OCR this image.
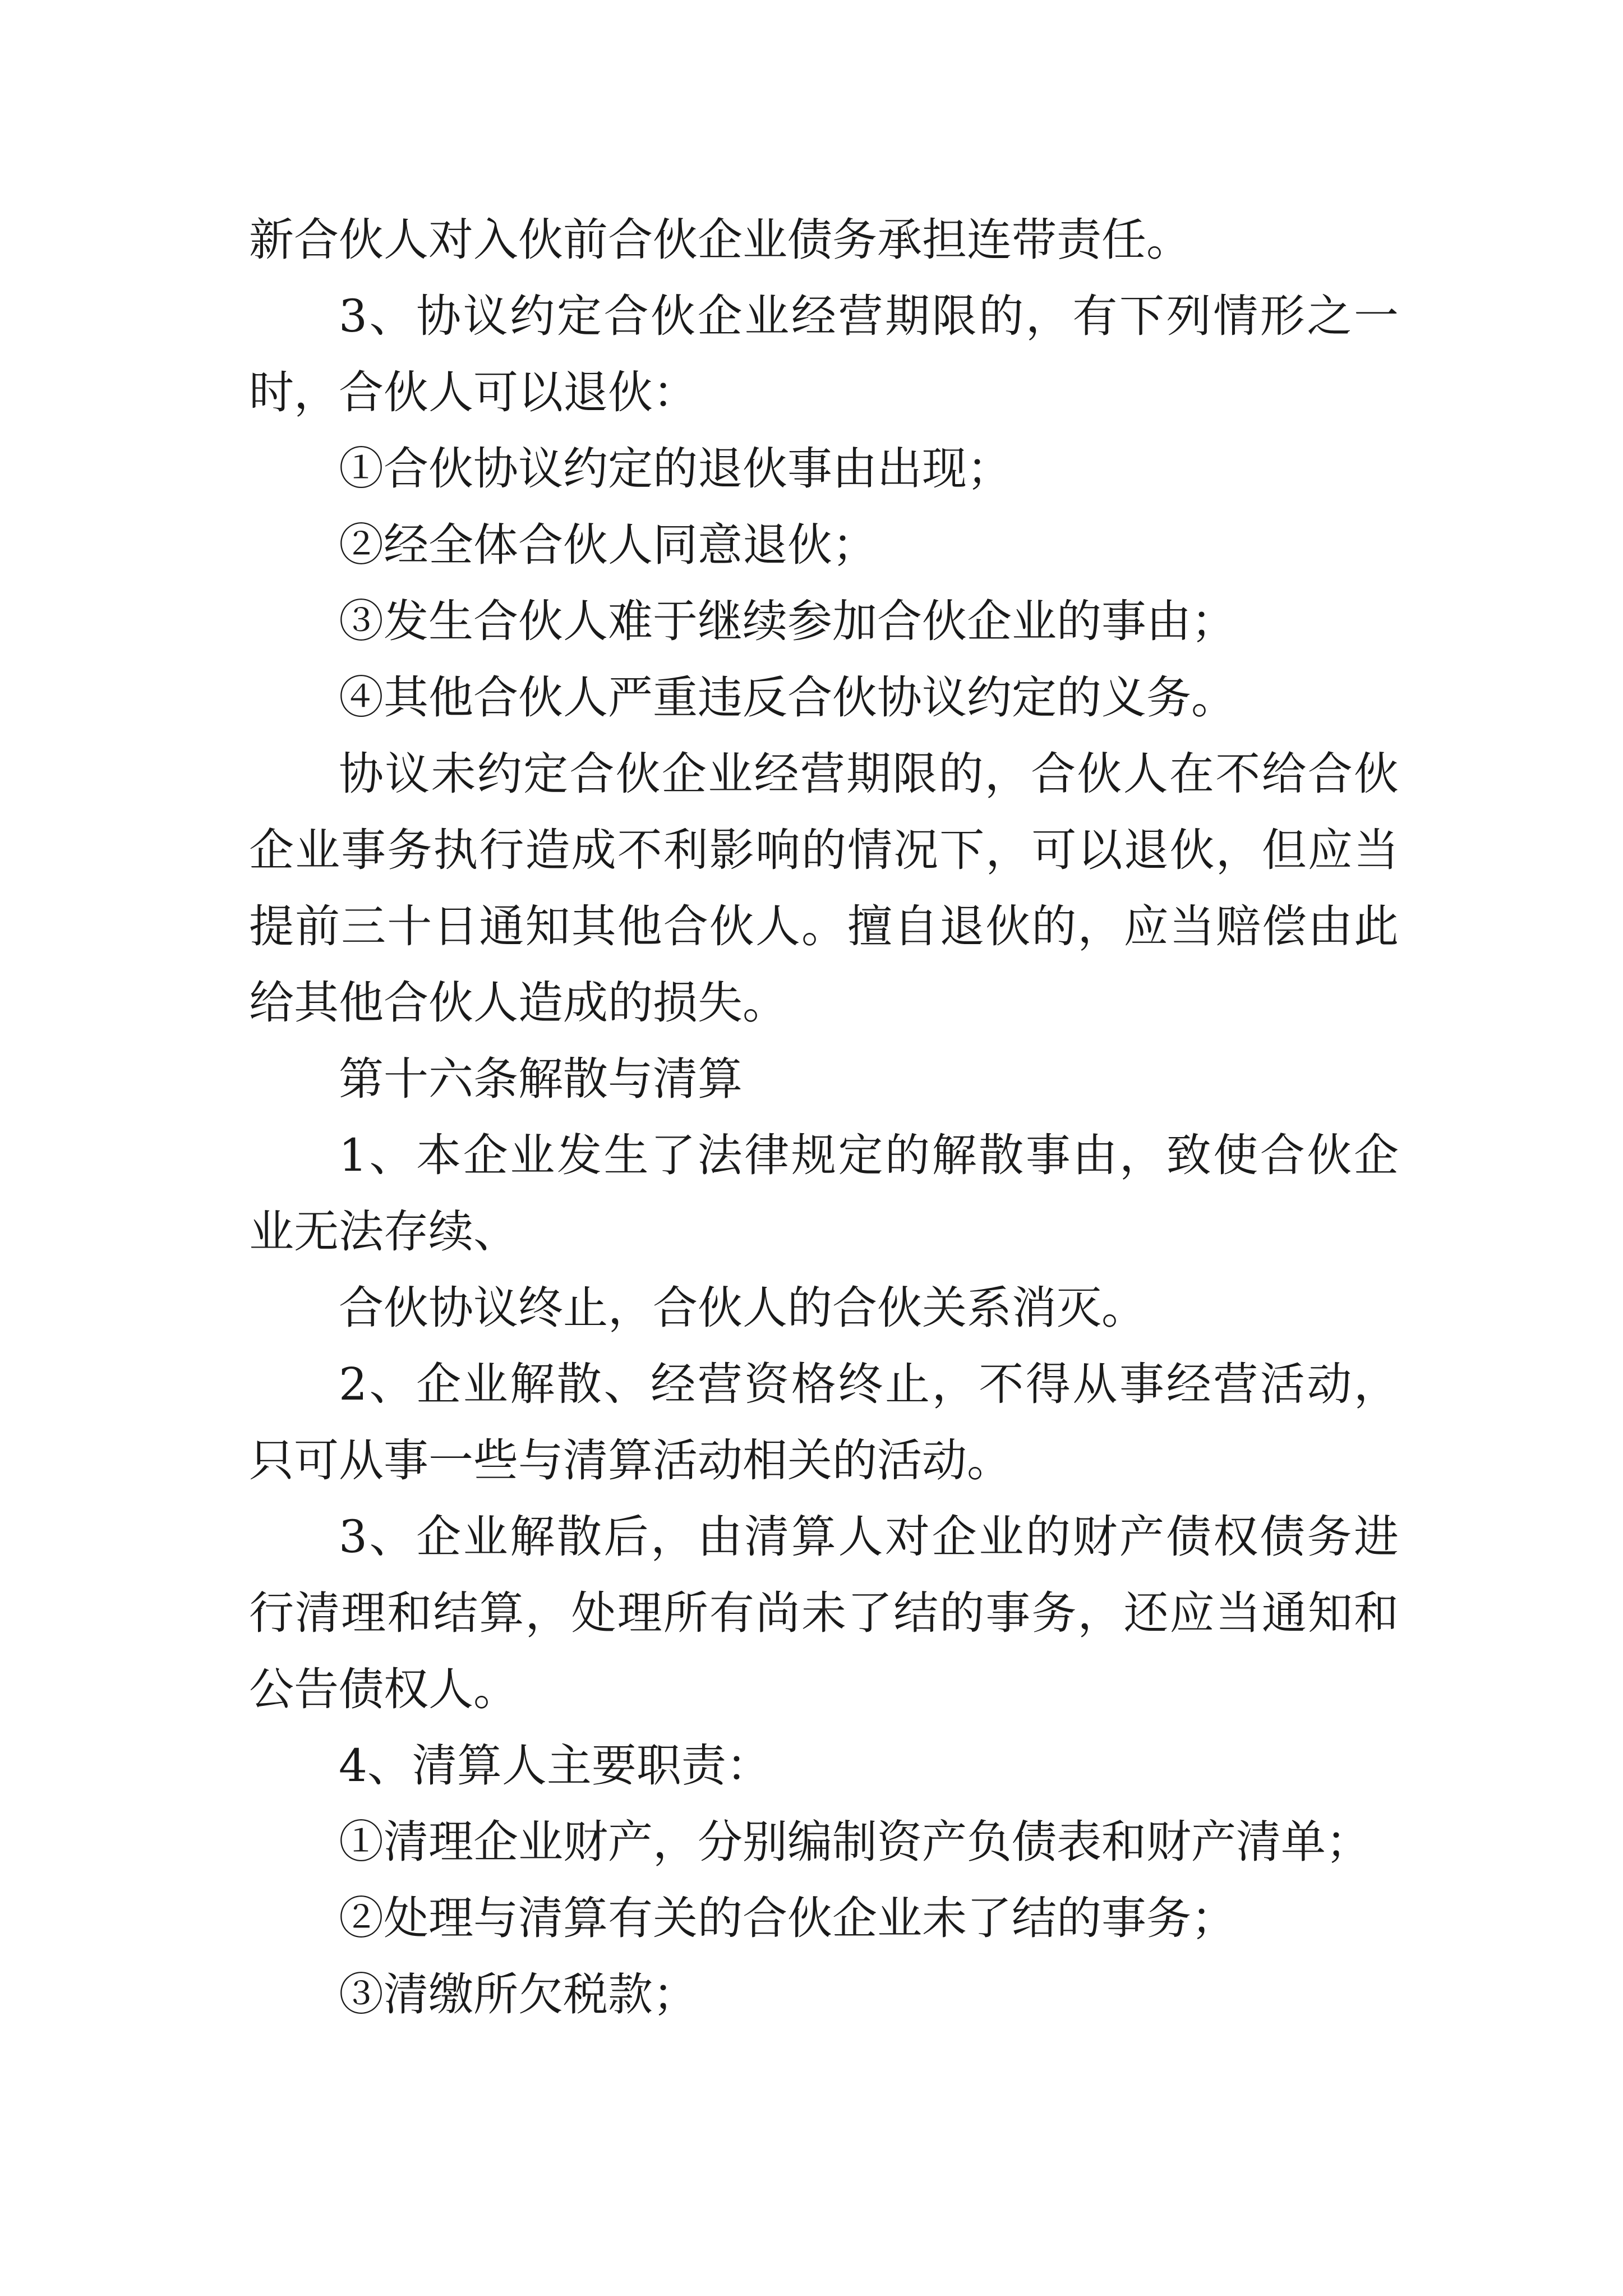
新合伙人对入伙前合伙企业债务承担连带责任。

3、协议约定合伙企业经营期限的，有下列情形之一时，合伙人可以退伙：

①合伙协议约定的退伙事由出现；

②经全体合伙人同意退伙；

③发生合伙人难于继续参加合伙企业的事由；

④其他合伙人严重违反合伙协议约定的义务。

协议未约定合伙企业经营期限的，合伙人在不给合伙企业事务执行造成不利影响的情况下，可以退伙，但应当提前三十日通知其他合伙人。擅自退伙的，应当赔偿由此给其他合伙人造成的损失。

第十六条解散与清算

1、本企业发生了法律规定的解散事由，致使合伙企业无法存续、

合伙协议终止，合伙人的合伙关系消灭。

2、企业解散、经营资格终止，不得从事经营活动，只可从事一些与清算活动相关的活动。

3、企业解散后，由清算人对企业的财产债权债务进行清理和结算，处理所有尚未了结的事务，还应当通知和公告债权人。

4、清算人主要职责：

①清理企业财产，分别编制资产负债表和财产清单；

②处理与清算有关的合伙企业未了结的事务；

③清缴所欠税款；
